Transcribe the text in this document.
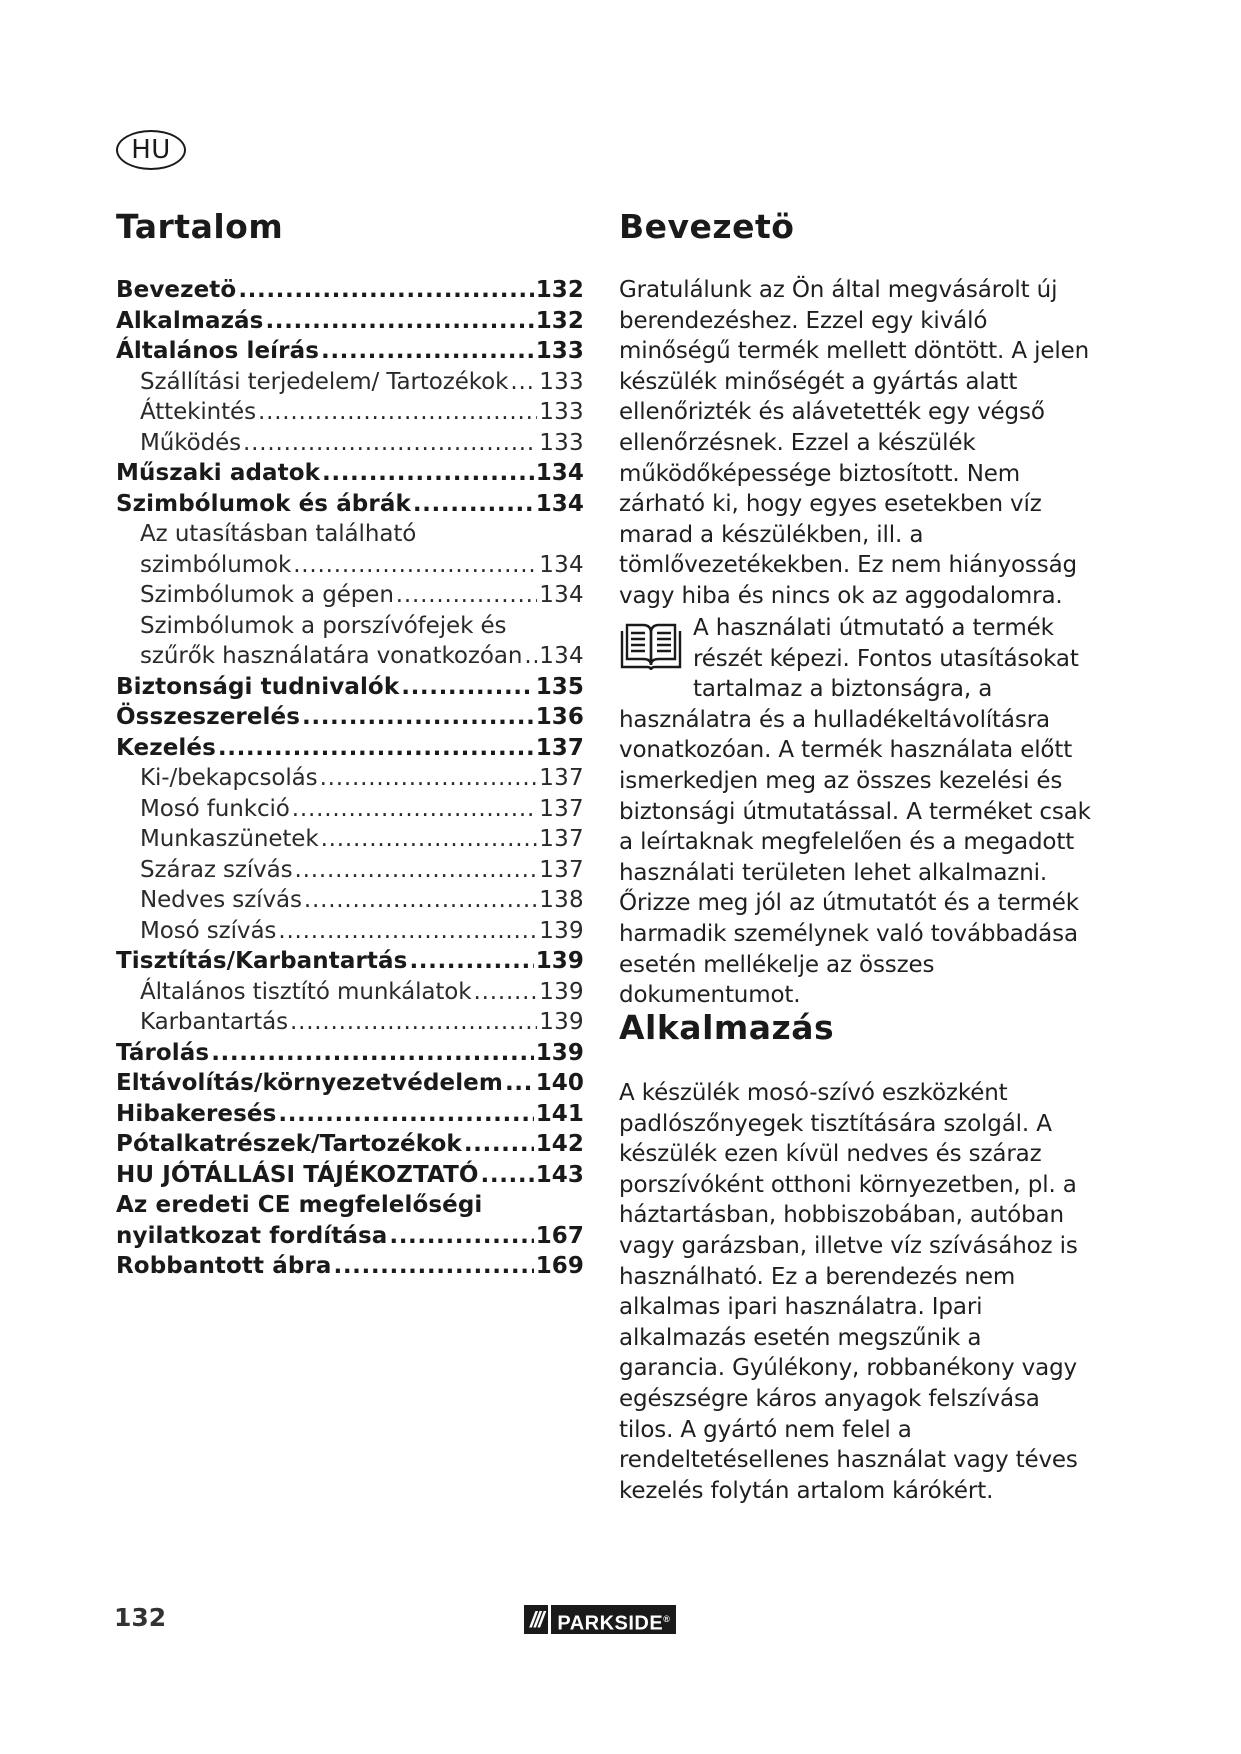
HU
Tartalom
Bevezetö .....	132
Alkalmazás .....	132
Általános leírás .....	133
Szállítási terjedelem/ Tartozékok ..... 133
Áttekintés .....	133
Működés .....	133
Műszaki adatok .....	134
Szimbólumok és ábrák .....	134
Az utasításban található
szimbólumok .....	134
Szimbólumok a gépen .....	134
Szimbólumok a porszívófejek és
szűrők használatára vonatkozóan ..... 134
Biztonsági tudnivalók .....	135
Összeszerelés .....	136
Kezelés .....	137
Ki-/bekapcsolás .....	137
Mosó funkció .....	137
Munkaszünetek .....	137
Száraz szívás .....	137
Nedves szívás .....	138
Mosó szívás .....	139
Tisztítás/Karbantartás .....	139
Általános tisztító munkálatok .....	139
Karbantartás .....	139
Tárolás .....	139
Eltávolítás/környezetvédelem ..... 140
Hibakeresés .....	141
Pótalkatrészek/Tartozékok .....	142
HU JÓTÁLLÁSI TÁJÉKOZTATÓ ..... 143
Az eredeti CE megfelelőségi
nyilatkozat fordítása .....	167
Robbantott ábra .....	169
Bevezetö

Gratulálunk az Ön által megvásárolt új berendezéshez. Ezzel egy kiváló minőségű termék mellett döntött. A jelen készülék minőségét a gyártás alatt ellenőrizték és alávetették egy végső ellenőrzésnek. Ezzel a készülék működőképessége biztosított. Nem zárható ki, hogy egyes esetekben víz marad a készülékben, ill. a tömlővezetékekben. Ez nem hiányosság vagy hiba és nincs ok az aggodalomra.

A használati útmutató a termék részét képezi. Fontos utasításokat tartalmaz a biztonságra, a használatra és a hulladékeltávolításra vonatkozóan. A termék használata előtt ismerkedjen meg az összes kezelési és biztonsági útmutatással. A terméket csak a leírtaknak megfelelően és a megadott használati területen lehet alkalmazni. Őrizze meg jól az útmutatót és a termék harmadik személynek való továbbadása esetén mellékelje az összes dokumentumot.

Alkalmazás

A készülék mosó-szívó eszközként padlószőnyegek tisztítására szolgál. A készülék ezen kívül nedves és száraz porszívóként otthoni környezetben, pl. a háztartásban, hobbiszobában, autóban vagy garázsban, illetve víz szívásához is használható. Ez a berendezés nem alkalmas ipari használatra. Ipari alkalmazás esetén megszűnik a garancia. Gyúlékony, robbanékony vagy egészségre káros anyagok felszívása tilos. A gyártó nem felel a rendeltetésellenes használat vagy téves kezelés folytán artalom kárókért.

132	/// PARKSIDE®
